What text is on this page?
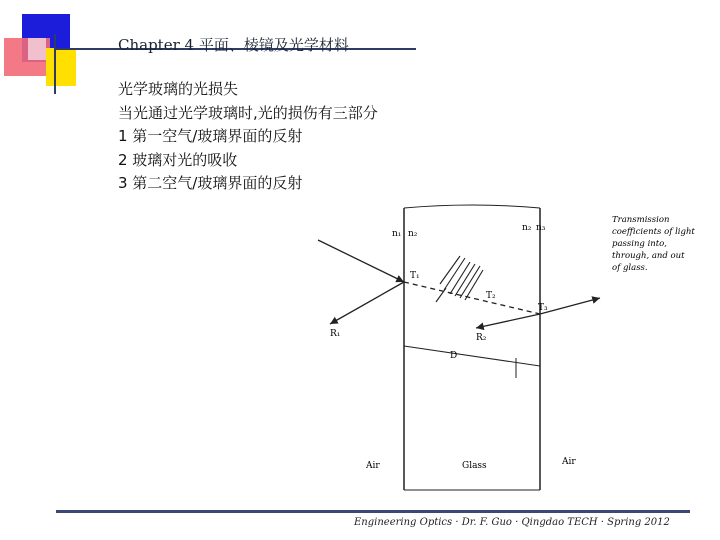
Chapter 4 平面、棱镜及光学材料
光学玻璃的光损失
当光通过光学玻璃时,光的损伤有三部分
1 第一空气/玻璃界面的反射
2 玻璃对光的吸收
3 第二空气/玻璃界面的反射
n₁ n₂
n₂ n₃
T₁
T₂
T₃
R₁	R₂
D
Air	Glass	Air
Transmission
coefficients of light
passing into,
through, and out
of glass.
Engineering Optics · Dr. F. Guo · Qingdao TECH · Spring 2012
